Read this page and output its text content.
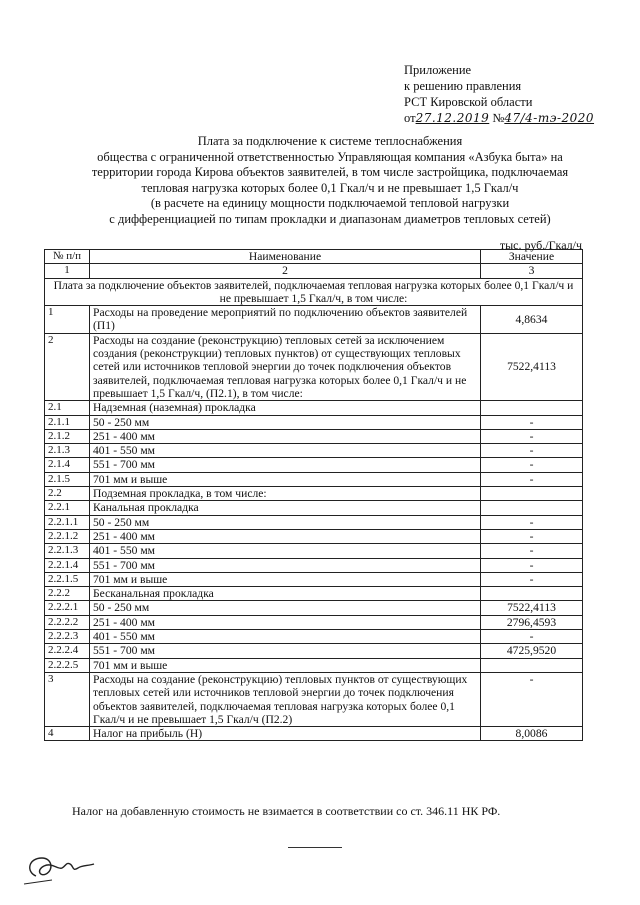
Приложение
к решению правления
РСТ Кировской области
от27.12.2019 №47/4-тэ-2020
Плата за подключение к системе теплоснабжения
общества с ограниченной ответственностью Управляющая компания «Азбука быта» на
территории города Кирова объектов заявителей, в том числе застройщика, подключаемая
тепловая нагрузка которых более 0,1 Гкал/ч и не превышает 1,5 Гкал/ч
(в расчете на единицу мощности подключаемой тепловой нагрузки
с дифференциацией по типам прокладки и диапазонам диаметров тепловых сетей)
тыс. руб./Гкал/ч
№ п/п	Наименование	Значение
1	2	3
Плата за подключение объектов заявителей, подключаемая тепловая нагрузка которых более 0,1 Гкал/ч и не превышает 1,5 Гкал/ч, в том числе:		
1	Расходы на проведение мероприятий по подключению объектов заявителей (П1)	4,8634
2	Расходы на создание (реконструкцию) тепловых сетей за исключением создания (реконструкции) тепловых пунктов) от существующих тепловых сетей или источников тепловой энергии до точек подключения объектов заявителей, подключаемая тепловая нагрузка которых более 0,1 Гкал/ч и не превышает 1,5 Гкал/ч, (П2.1), в том числе:	7522,4113
2.1	Надземная (наземная) прокладка	
2.1.1	50 - 250 мм	-
2.1.2	251 - 400 мм	-
2.1.3	401 - 550 мм	-
2.1.4	551 - 700 мм	-
2.1.5	701 мм и выше	-
2.2	Подземная прокладка, в том числе:	
2.2.1	Канальная прокладка	
2.2.1.1	50 - 250 мм	-
2.2.1.2	251 - 400 мм	-
2.2.1.3	401 - 550 мм	-
2.2.1.4	551 - 700 мм	-
2.2.1.5	701 мм и выше	-
2.2.2	Бесканальная прокладка	
2.2.2.1	50 - 250 мм	7522,4113
2.2.2.2	251 - 400 мм	2796,4593
2.2.2.3	401 - 550 мм	-
2.2.2.4	551 - 700 мм	4725,9520
2.2.2.5	701 мм и выше	
3	Расходы на создание (реконструкцию) тепловых пунктов от существующих тепловых сетей или источников тепловой энергии до точек подключения объектов заявителей, подключаемая тепловая нагрузка которых более 0,1 Гкал/ч и не превышает 1,5 Гкал/ч (П2.2)	-
4	Налог на прибыль (Н)	8,0086
Налог на добавленную стоимость не взимается в соответствии со ст. 346.11 НК РФ.
